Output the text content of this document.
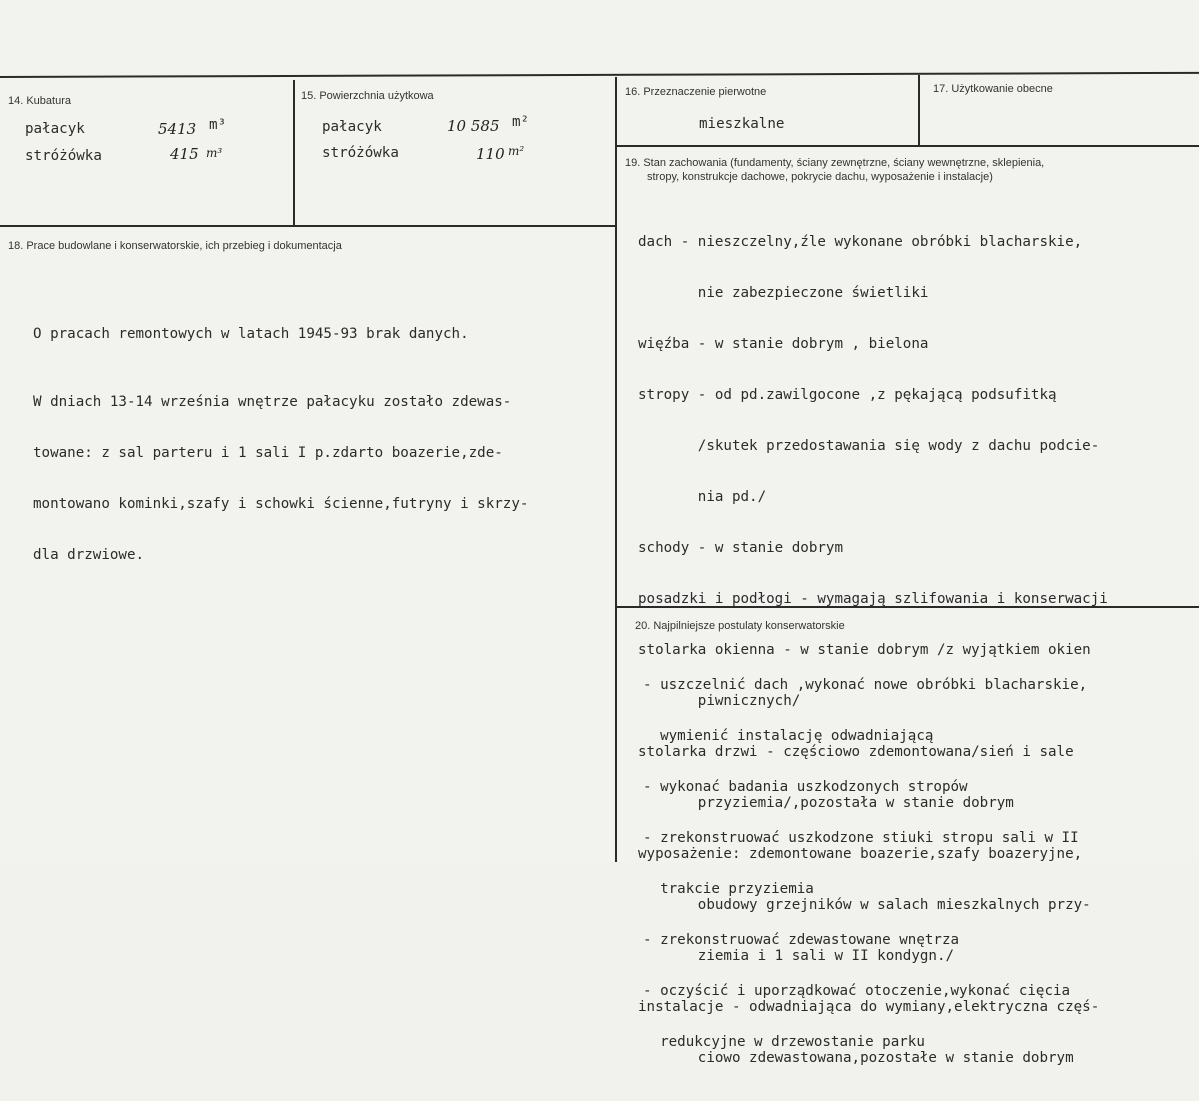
14. Kubatura
pałacyk	5413 m³
stróżówka	415 m³
15. Powierzchnia użytkowa
pałacyk	10 585 m²
stróżówka	110 m²
16. Przeznaczenie pierwotne
mieszkalne
17. Użytkowanie obecne
18. Prace budowlane i konserwatorskie, ich przebieg i dokumentacja

O pracach remontowych w latach 1945-93 brak danych.

W dniach 13-14 września wnętrze pałacyku zostało zdewas-

towane: z sal parteru i 1 sali I p.zdarto boazerie,zde-

montowano kominki,szafy i schowki ścienne,futryny i skrzy-

dla drzwiowe.

19. Stan zachowania (fundamenty, ściany zewnętrzne, ściany wewnętrzne, sklepienia,
stropy, konstrukcje dachowe, pokrycie dachu, wyposażenie i instalacje)

dach - nieszczelny,źle wykonane obróbki blacharskie,

nie zabezpieczone świetliki

więźba - w stanie dobrym , bielona

stropy - od pd.zawilgocone ,z pękającą podsufitką

/skutek przedostawania się wody z dachu podcie-

nia pd./

schody - w stanie dobrym

posadzki i podłogi - wymagają szlifowania i konserwacji

stolarka okienna - w stanie dobrym /z wyjątkiem okien

piwnicznych/

stolarka drzwi - częściowo zdemontowana/sień i sale

przyziemia/,pozostała w stanie dobrym

wyposażenie: zdemontowane boazerie,szafy boazeryjne,

obudowy grzejników w salach mieszkalnych przy-

ziemia i 1 sali w II kondygn./

instalacje - odwadniająca do wymiany,elektryczna częś-

ciowo zdewastowana,pozostałe w stanie dobrym

20. Najpilniejsze postulaty konserwatorskie

- uszczelnić dach ,wykonać nowe obróbki blacharskie,

wymienić instalację odwadniającą

- wykonać badania uszkodzonych stropów

- zrekonstruować uszkodzone stiuki stropu sali w II

trakcie przyziemia

- zrekonstruować zdewastowane wnętrza

- oczyścić i uporządkować otoczenie,wykonać cięcia

redukcyjne w drzewostanie parku
